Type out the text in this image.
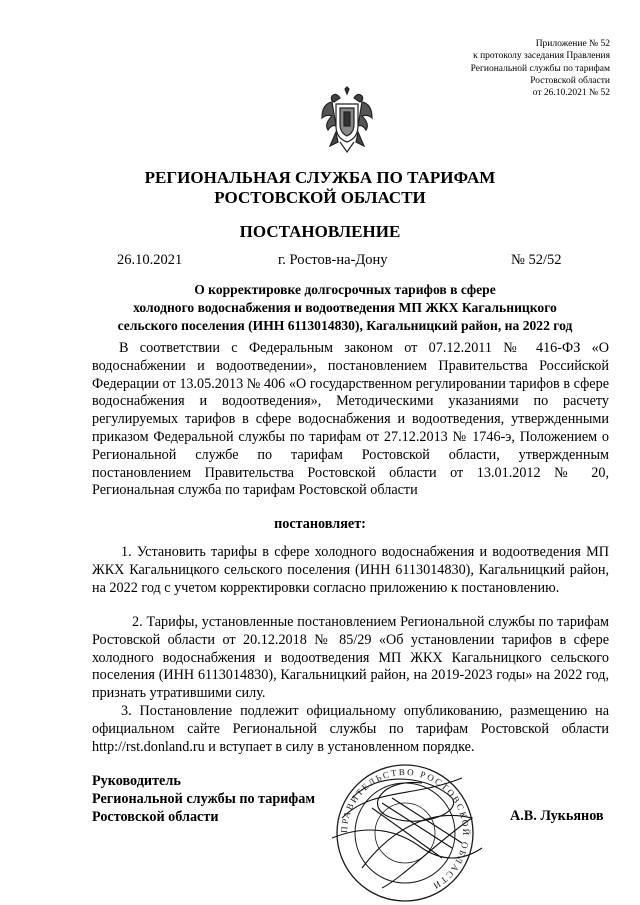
Приложение № 52
к протоколу заседания Правления
Региональной службы по тарифам
Ростовской области
от 26.10.2021 № 52
РЕГИОНАЛЬНАЯ СЛУЖБА ПО ТАРИФАМ
РОСТОВСКОЙ ОБЛАСТИ
ПОСТАНОВЛЕНИЕ
26.10.2021	г. Ростов-на-Дону	№ 52/52
О корректировке долгосрочных тарифов в сфере
холодного водоснабжения и водоотведения МП ЖКХ Кагальницкого
сельского поселения (ИНН 6113014830), Кагальницкий район, на 2022 год

В соответствии с Федеральным законом от 07.12.2011 № 416-ФЗ «О водоснабжении и водоотведении», постановлением Правительства Российской Федерации от 13.05.2013 № 406 «О государственном регулировании тарифов в сфере водоснабжения и водоотведения», Методическими указаниями по расчету регулируемых тарифов в сфере водоснабжения и водоотведения, утвержденными приказом Федеральной службы по тарифам от 27.12.2013 № 1746-э, Положением о Региональной службе по тарифам Ростовской области, утвержденным постановлением Правительства Ростовской области от 13.01.2012 № 20, Региональная служба по тарифам Ростовской области

постановляет:

1. Установить тарифы в сфере холодного водоснабжения и водоотведения МП ЖКХ Кагальницкого сельского поселения (ИНН 6113014830), Кагальницкий район, на 2022 год с учетом корректировки согласно приложению к постановлению.

2. Тарифы, установленные постановлением Региональной службы по тарифам Ростовской области от 20.12.2018 № 85/29 «Об установлении тарифов в сфере холодного водоснабжения и водоотведения МП ЖКХ Кагальницкого сельского поселения (ИНН 6113014830), Кагальницкий район, на 2019-2023 годы» на 2022 год, признать утратившими силу.

3. Постановление подлежит официальному опубликованию, размещению на официальном сайте Региональной службы по тарифам Ростовской области http://rst.donland.ru и вступает в силу в установленном порядке.

Руководитель
Региональной службы по тарифам
Ростовской области	А.В. Лукьянов
ПРАВИТЕЛЬСТВО РОСТОВСКОЙ ОБЛАСТИ
